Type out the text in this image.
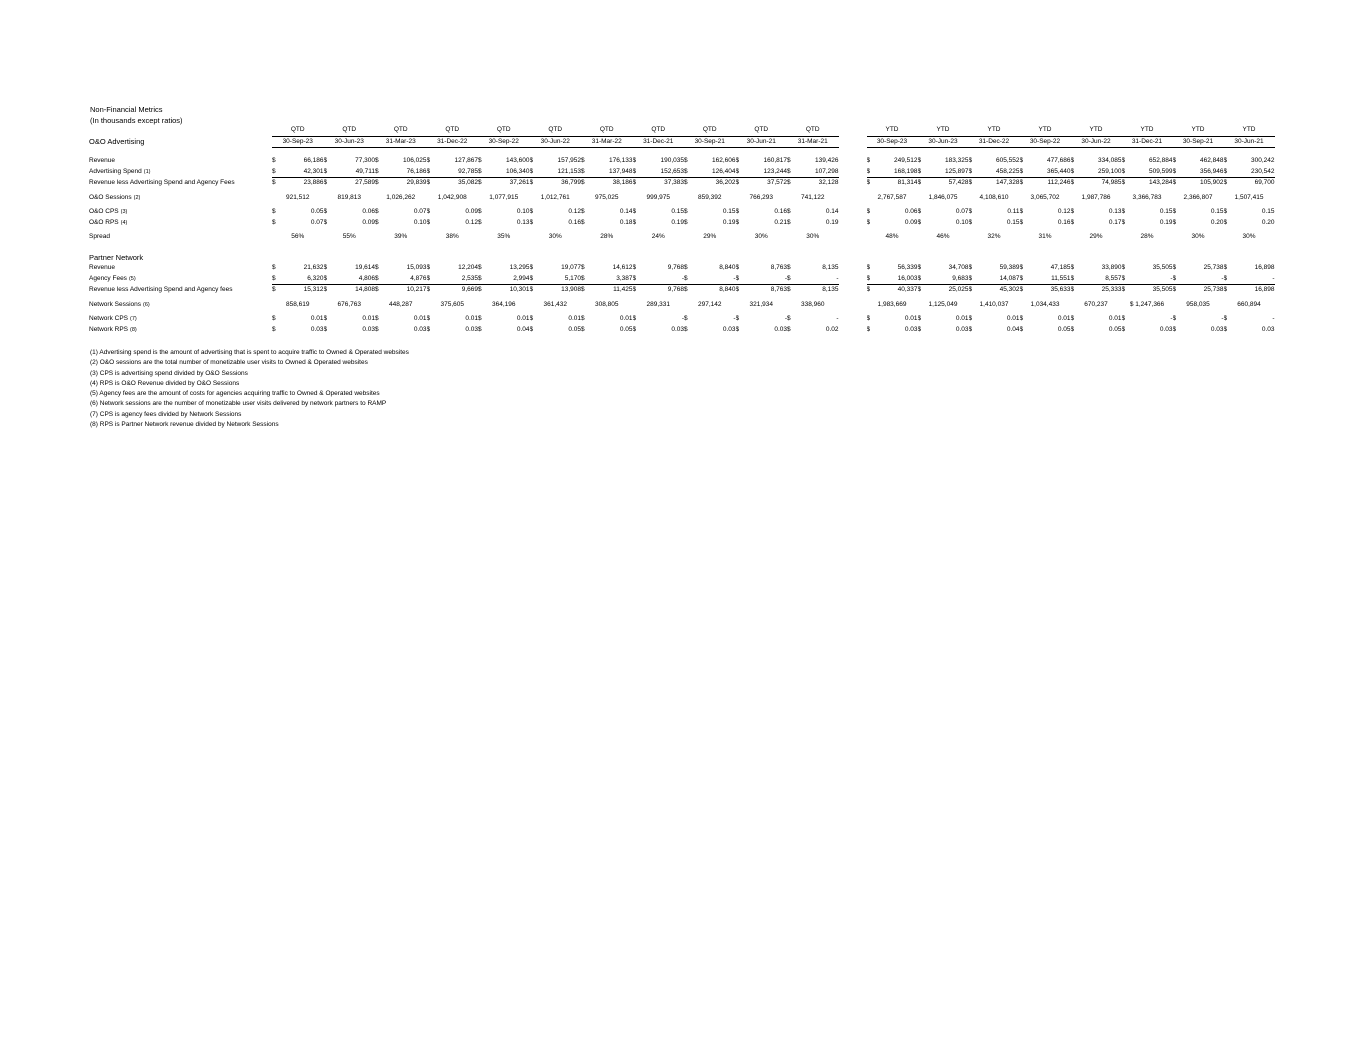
Non-Financial Metrics
(In thousands except ratios)
	QTD		QTD		QTD		QTD		QTD		QTD		QTD		QTD		QTD		QTD		QTD			YTD		YTD		YTD		YTD		YTD		YTD		YTD		YTD	
O&O Advertising	30-Sep-23		30-Jun-23		31-Mar-23		31-Dec-22		30-Sep-22		30-Jun-22		31-Mar-22		31-Dec-21		30-Sep-21		30-Jun-21		31-Mar-21			30-Sep-23		30-Jun-23		31-Dec-22		30-Sep-22		30-Jun-22		31-Dec-21		30-Sep-21		30-Jun-21	

Revenue	$	66,186	$	77,300	$	106,025	$	127,867	$	143,600	$	157,952	$	176,133	$	190,035	$	162,606	$	160,817	$	139,426		$	249,512	$	183,325	$	605,552	$	477,686	$	334,085	$	652,884	$	462,848	$	300,242
Advertising Spend (1)	$	42,301	$	49,711	$	76,186	$	92,785	$	106,340	$	121,153	$	137,948	$	152,653	$	126,404	$	123,244	$	107,298		$	168,198	$	125,897	$	458,225	$	365,440	$	259,100	$	509,599	$	356,946	$	230,542
Revenue less Advertising Spend and Agency Fees	$	23,886	$	27,589	$	29,839	$	35,082	$	37,261	$	36,799	$	38,186	$	37,383	$	36,202	$	37,572	$	32,128		$	81,314	$	57,428	$	147,328	$	112,246	$	74,985	$	143,284	$	105,902	$	69,700

O&O Sessions (2)	921,512		819,813		1,026,262		1,042,908		1,077,915		1,012,761		975,025		999,975		859,392		766,293		741,122			2,767,587		1,846,075		4,108,610		3,065,702		1,987,786		3,366,783		2,366,807		1,507,415	

O&O CPS (3)	$	0.05	$	0.06	$	0.07	$	0.09	$	0.10	$	0.12	$	0.14	$	0.15	$	0.15	$	0.16	$	0.14		$	0.06	$	0.07	$	0.11	$	0.12	$	0.13	$	0.15	$	0.15	$	0.15
O&O RPS (4)	$	0.07	$	0.09	$	0.10	$	0.12	$	0.13	$	0.16	$	0.18	$	0.19	$	0.19	$	0.21	$	0.19		$	0.09	$	0.10	$	0.15	$	0.16	$	0.17	$	0.19	$	0.20	$	0.20

Spread	56%		55%		39%		38%		35%		30%		28%		24%		29%		30%		30%			48%		46%		32%		31%		29%		28%		30%		30%	

Partner Network																																							
Revenue	$	21,632	$	19,614	$	15,093	$	12,204	$	13,295	$	19,077	$	14,612	$	9,768	$	8,840	$	8,763	$	8,135		$	56,339	$	34,708	$	59,389	$	47,185	$	33,890	$	35,505	$	25,738	$	16,898
Agency Fees (5)	$	6,320	$	4,806	$	4,876	$	2,535	$	2,994	$	5,170	$	3,387	$	-	$	-	$	-	$	-		$	16,003	$	9,683	$	14,087	$	11,551	$	8,557	$	-	$	-	$	-
Revenue less Advertising Spend and Agency fees	$	15,312	$	14,808	$	10,217	$	9,669	$	10,301	$	13,908	$	11,425	$	9,768	$	8,840	$	8,763	$	8,135		$	40,337	$	25,025	$	45,302	$	35,633	$	25,333	$	35,505	$	25,738	$	16,898

Network Sessions (6)	858,619		676,763		448,287		375,605		364,196		361,432		308,805		289,331		297,142		321,934		338,960			1,983,669		1,125,049		1,410,037		1,034,433		670,237		$ 1,247,366		958,035		660,894	

Network CPS (7)	$	0.01	$	0.01	$	0.01	$	0.01	$	0.01	$	0.01	$	0.01	$	-	$	-	$	-	$	-		$	0.01	$	0.01	$	0.01	$	0.01	$	0.01	$	-	$	-	$	-
Network RPS (8)	$	0.03	$	0.03	$	0.03	$	0.03	$	0.04	$	0.05	$	0.05	$	0.03	$	0.03	$	0.03	$	0.02		$	0.03	$	0.03	$	0.04	$	0.05	$	0.05	$	0.03	$	0.03	$	0.03
(1) Advertising spend is the amount of advertising that is spent to acquire traffic to Owned & Operated websites
(2) O&O sessions are the total number of monetizable user visits to Owned & Operated websites
(3) CPS is advertising spend divided by O&O Sessions
(4) RPS is O&O Revenue divided by O&O Sessions
(5) Agency fees are the amount of costs for agencies acquiring traffic to Owned & Operated websites
(6) Network sessions are the number of monetizable user visits delivered by network partners to RAMP
(7) CPS is agency fees divided by Network Sessions
(8) RPS is Partner Network revenue divided by Network Sessions
